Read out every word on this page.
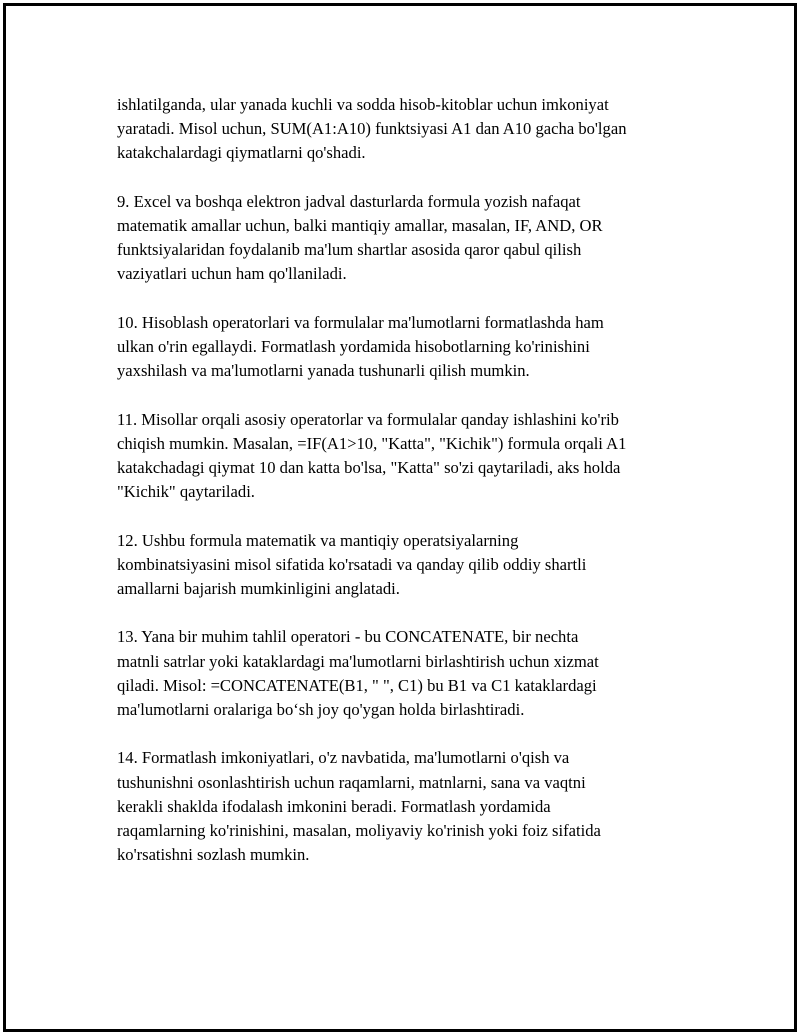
ishlatilganda, ular yanada kuchli va sodda hisob-kitoblar uchun imkoniyat
yaratadi. Misol uchun, SUM(A1:A10) funktsiyasi A1 dan A10 gacha bo'lgan
katakchalardagi qiymatlarni qo'shadi.

9. Excel va boshqa elektron jadval dasturlarda formula yozish nafaqat
matematik amallar uchun, balki mantiqiy amallar, masalan, IF, AND, OR
funktsiyalaridan foydalanib ma'lum shartlar asosida qaror qabul qilish
vaziyatlari uchun ham qo'llaniladi.

10. Hisoblash operatorlari va formulalar ma'lumotlarni formatlashda ham
ulkan o'rin egallaydi. Formatlash yordamida hisobotlarning ko'rinishini
yaxshilash va ma'lumotlarni yanada tushunarli qilish mumkin.

11. Misollar orqali asosiy operatorlar va formulalar qanday ishlashini ko'rib
chiqish mumkin. Masalan, =IF(A1>10, "Katta", "Kichik") formula orqali A1
katakchadagi qiymat 10 dan katta bo'lsa, "Katta" so'zi qaytariladi, aks holda
"Kichik" qaytariladi.

12. Ushbu formula matematik va mantiqiy operatsiyalarning
kombinatsiyasini misol sifatida ko'rsatadi va qanday qilib oddiy shartli
amallarni bajarish mumkinligini anglatadi.

13. Yana bir muhim tahlil operatori - bu CONCATENATE, bir nechta
matnli satrlar yoki kataklardagi ma'lumotlarni birlashtirish uchun xizmat
qiladi. Misol: =CONCATENATE(B1, " ", C1) bu B1 va C1 kataklardagi
ma'lumotlarni oralariga bo‘sh joy qo'ygan holda birlashtiradi.

14. Formatlash imkoniyatlari, o'z navbatida, ma'lumotlarni o'qish va
tushunishni osonlashtirish uchun raqamlarni, matnlarni, sana va vaqtni
kerakli shaklda ifodalash imkonini beradi. Formatlash yordamida
raqamlarning ko'rinishini, masalan, moliyaviy ko'rinish yoki foiz sifatida
ko'rsatishni sozlash mumkin.
